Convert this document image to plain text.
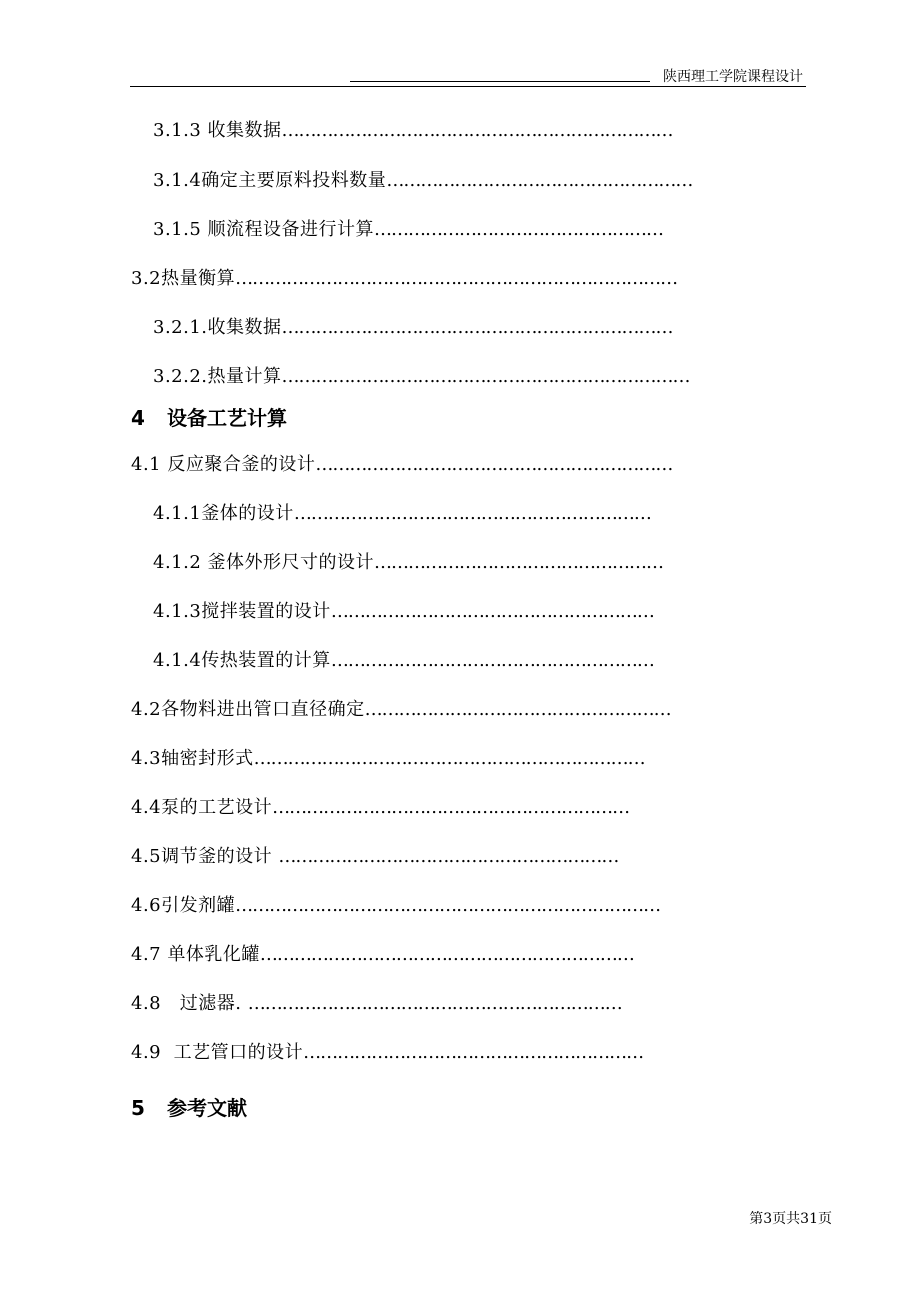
陕西理工学院课程设计
3.1.3 收集数据……………………………………………………………
3.1.4确定主要原料投料数量………………………………………………
3.1.5 顺流程设备进行计算……………………………………………
3.2热量衡算……………………………………………………………………
3.2.1.收集数据……………………………………………………………
3.2.2.热量计算………………………………………………………………
4 设备工艺计算
4.1 反应聚合釜的设计………………………………………………………
4.1.1釜体的设计………………………………………………………
4.1.2 釜体外形尺寸的设计……………………………………………
4.1.3搅拌装置的设计…………………………………………………
4.1.4传热装置的计算…………………………………………………
4.2各物料进出管口直径确定………………………………………………
4.3轴密封形式……………………………………………………………
4.4泵的工艺设计………………………………………………………
4.5调节釜的设计 ……………………………………………………
4.6引发剂罐…………………………………………………………………
4.7 单体乳化罐…………………………………………………………
4.8   过滤器. …………………………………………………………
4.9  工艺管口的设计……………………………………………………
5 参考文献
第3页共31页
